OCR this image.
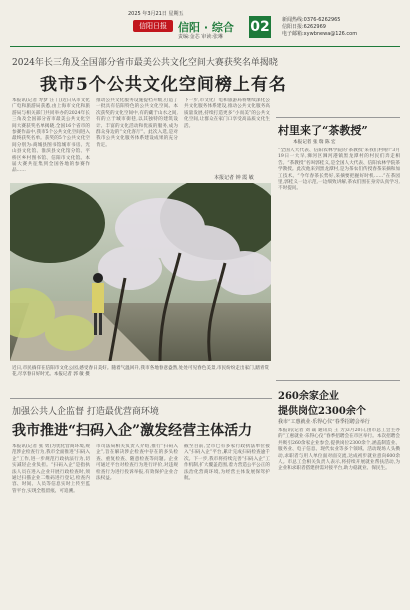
2025 年3月21日 星期五
信阳日报	信阳 · 综合
责编:金芯 审读:张琳
02 新闻热线:0376-6262965
信阳日报:6262969
电子邮箱:xywbnewa@126.com
2024年长三角及全国部分省市最美公共文化空间大赛获奖名单揭晓
我市5个公共文化空间榜上有名
本报讯(记者 寿梦 汪 门)近日从市文化广电和旅游局获悉,由上海市文化和旅游局与相关部门共同举办的2024年长三角及全国部分省市最美公共文化空间大赛获奖名单揭晓,全国16个省市的参赛作品中,我市5个公共文化空间进入最终获奖名单。获奖的5个公共文化空间分别为:商城县图书馆城市书房、光山县文化馆、淮滨县文化馆分馆、平桥区乡村图书馆、信阳市文化馆。本届大赛共征集到全国各地的参赛作品……
推动公共文化服务设施提档升级,打造了一批具有信阳特色的公共文化空间。本次获奖的文化空间中,有的藏于山水之间,有的立于城市街巷,以其独特的建筑设计、丰富的文化活动和优质的服务,成为群众身边的“文化客厅”。此次入选,是对我市公共文化服务体系建设成果的充分肯定。
下一步,市文化广电和旅游局将继续深化公共文化服务体系建设,推动公共文化服务高质量发展,持续打造更多“小而美”的公共文化空间,让群众在家门口享受高品质文化生活。
本报记者 钟 霞 敏
村里来了“茶教授”
本报记者 张 瑞 陈 宏
“全国人大代表、信阳农林学院的‘茶教授’来我们村啦!”3月19日一大早,浉河区浉河港镇黑龙潭村的村民们奔走相告。“茶教授”名叫郭桂义,是全国人大代表、信阳农林学院茶学教授。此次他来到黑龙潭村,是为茶农们传授春茶采摘和加工技术。“今年春茶长势好,采摘要把握好时机……”在茶园里,郭桂义一边示范,一边细致讲解,茶农们围在身旁认真学习,不时提问。
近日,市民徜徉在信阳市文化公园,感受春日美好。随着气温回升,我市各地春意盎然,处处可见春色美景,市民纷纷走出家门,踏青赏花,尽享春日好时光。本报记者 郭 敏 摄
加强公共人企监督 打造最优营商环境
我市推进“扫码入企”激发经营主体活力
本报讯(记者 张 勇)为优化营商环境,规范涉企检查行为,我市全面推进“扫码入企”工作,进一步规范行政执法行为,切实减轻企业负担。“扫码入企”是指执法人员在进入企业开展行政检查时,须通过扫描企业二维码进行登记,检查内容、时间、人员等信息实时上传至监管平台,实现全程留痕、可追溯。
市司法局相关负责人介绍,推行“扫码入企”,旨在解决涉企检查中存在的多头检查、重复检查、随意检查等问题。企业可通过平台对检查行为进行评价,对违规检查行为进行投诉举报,有效保护企业合法权益。
截至目前,全市已有多家行政执法单位接入“扫码入企”平台,累计完成扫码检查逾千次。下一步,我市将持续完善“扫码入企”工作机制,扩大覆盖范围,着力营造公平公正的法治化营商环境,为经营主体发展保驾护航。
260余家企业
提供岗位2300余个
我市“工惠就业·乐得心仪”春季招聘会举行
本报讯(记者 刘 焱 通讯员 王 芳)3月20日,由市总工会主办的“工惠就业·乐得心仪”春季招聘会在市区举行。本次招聘会共吸引260余家企业参会,提供岗位2300余个,涵盖制造业、服务业、电子信息、现代农业等多个领域。活动现场人头攒动,求职者与用人单位面对面交流,达成初步就业意向600余人。市总工会相关负责人表示,将持续开展就业帮扶活动,为企业和求职者搭建供需对接平台,助力稳就业、保民生。
